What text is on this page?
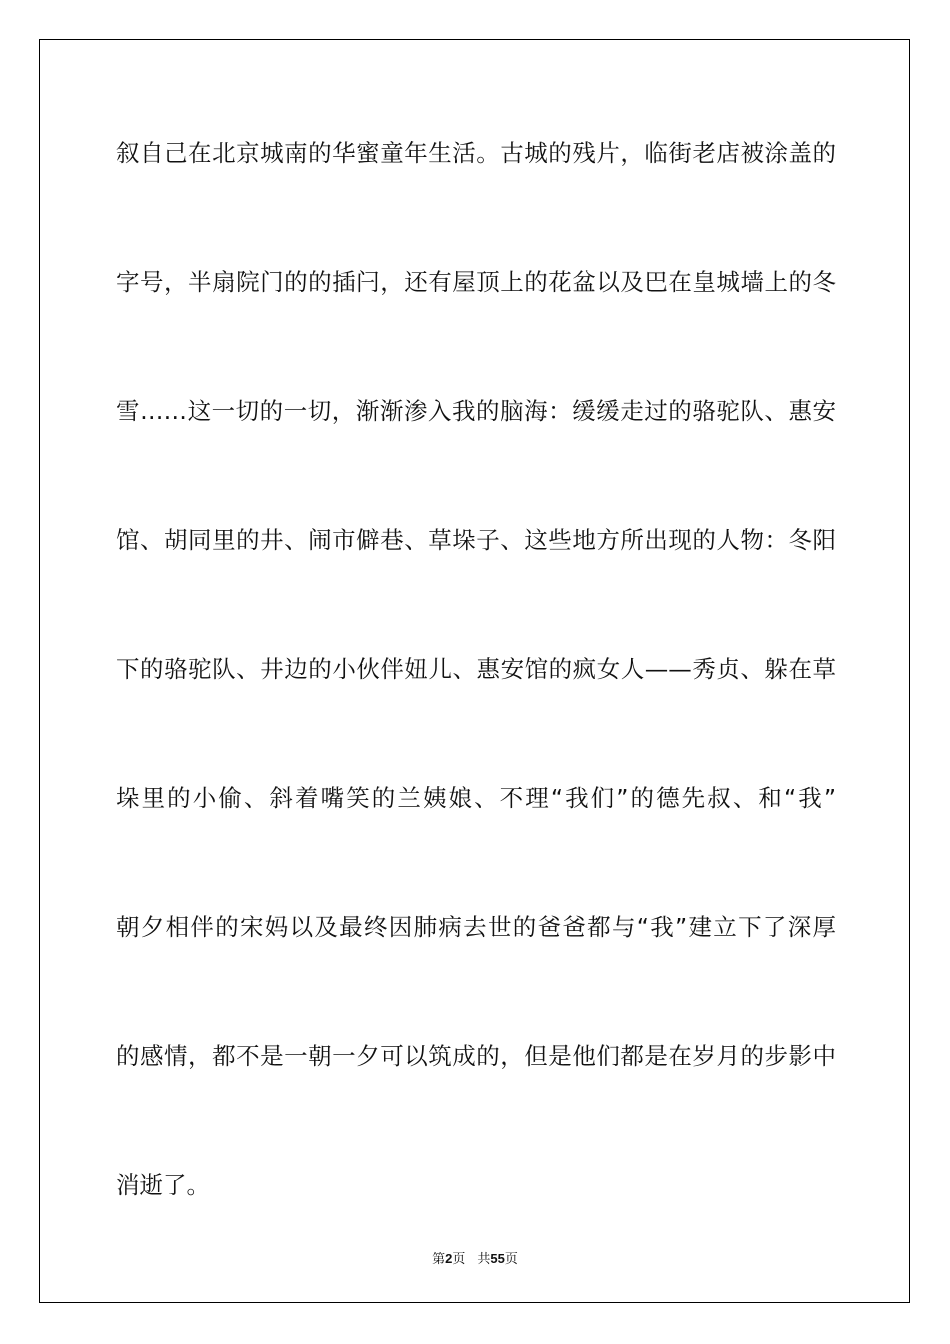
叙自己在北京城南的华蜜童年生活。古城的残片，临街老店被涂盖的
字号，半扇院门的的插闩，还有屋顶上的花盆以及巴在皇城墙上的冬
雪……这一切的一切，渐渐渗入我的脑海：缓缓走过的骆驼队、惠安
馆、胡同里的井、闹市僻巷、草垛子、这些地方所出现的人物：冬阳
下的骆驼队、井边的小伙伴妞儿、惠安馆的疯女人——秀贞、躲在草
垛里的小偷、斜着嘴笑的兰姨娘、不理“我们”的德先叔、和“我”
朝夕相伴的宋妈以及最终因肺病去世的爸爸都与“我”建立下了深厚
的感情，都不是一朝一夕可以筑成的，但是他们都是在岁月的步影中
消逝了。
第2页 共55页
